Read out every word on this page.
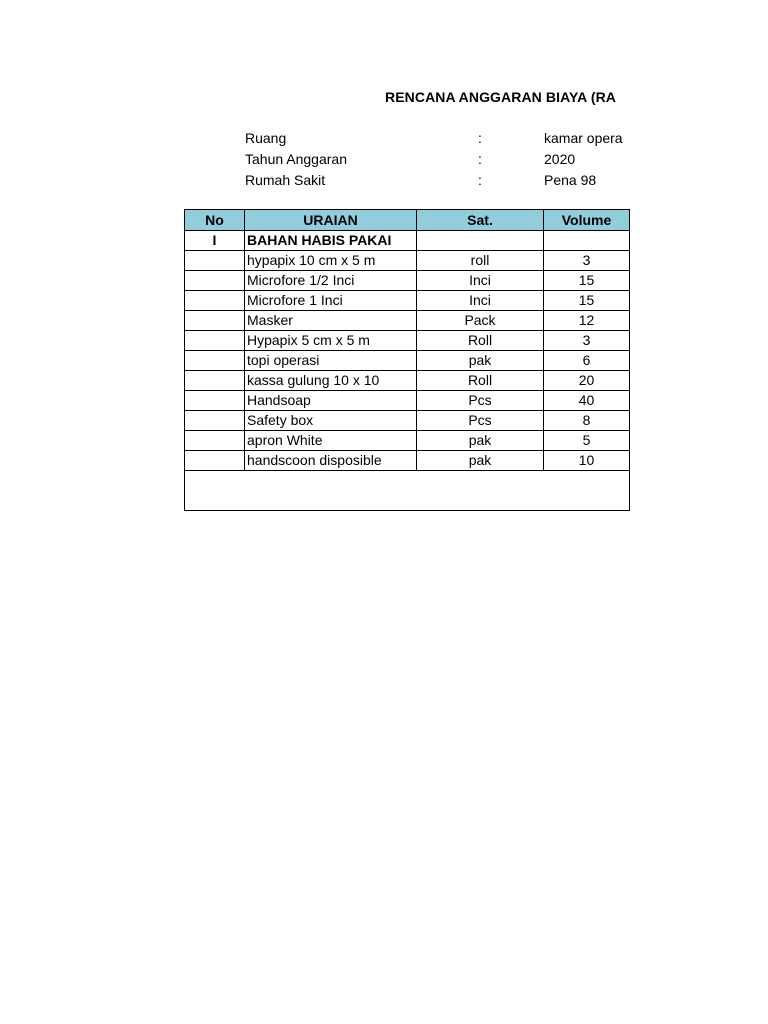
RENCANA ANGGARAN BIAYA (RA
Ruang	:	kamar opera
Tahun Anggaran	:	2020
Rumah Sakit	:	Pena 98
No	URAIAN	Sat.	Volume
I	BAHAN HABIS PAKAI		
	hypapix 10 cm x 5 m	roll	3
	Microfore 1/2 Inci	Inci	15
	Microfore 1 Inci	Inci	15
	Masker	Pack	12
	Hypapix 5 cm x 5 m	Roll	3
	topi operasi	pak	6
	kassa gulung 10 x 10	Roll	20
	Handsoap	Pcs	40
	Safety box	Pcs	8
	apron White	pak	5
	handscoon disposible	pak	10
